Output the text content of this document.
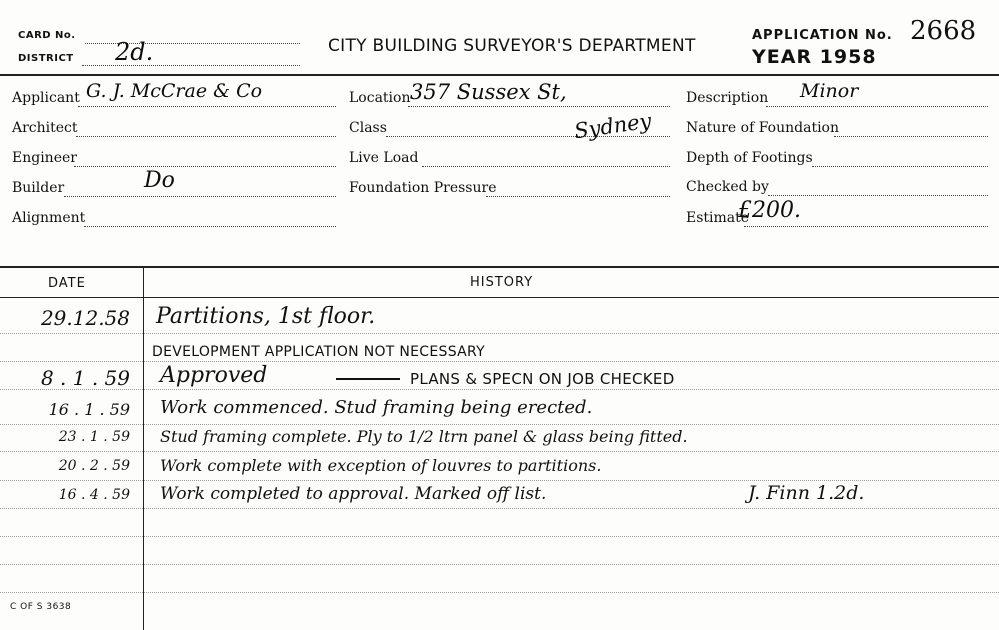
CARD No.
DISTRICT 2d.	CITY BUILDING SURVEYOR'S DEPARTMENT
APPLICATION No. 2668
YEAR 1958
Applicant G. J. McCrae & Co
Architect
Engineer
Builder	Do
Alignment
Location 357 Sussex St,
Class	Sydney
Live Load
Foundation Pressure
Description Minor
Nature of Foundation
Depth of Footings
Checked by
Estimate
£200.
DATE	HISTORY
29.12.58 Partitions, 1st floor.
DEVELOPMENT APPLICATION NOT NECESSARY
8 . 1 . 59 Approved	PLANS & SPECN ON JOB CHECKED
16 . 1 . 59 Work commenced. Stud framing being erected.
23 . 1 . 59 Stud framing complete. Ply to 1/2 ltrn panel & glass being fitted.
20 . 2 . 59 Work complete with exception of louvres to partitions.
16 . 4 . 59 Work completed to approval. Marked off list.	J. Finn 1.2d.
C OF S 3638
